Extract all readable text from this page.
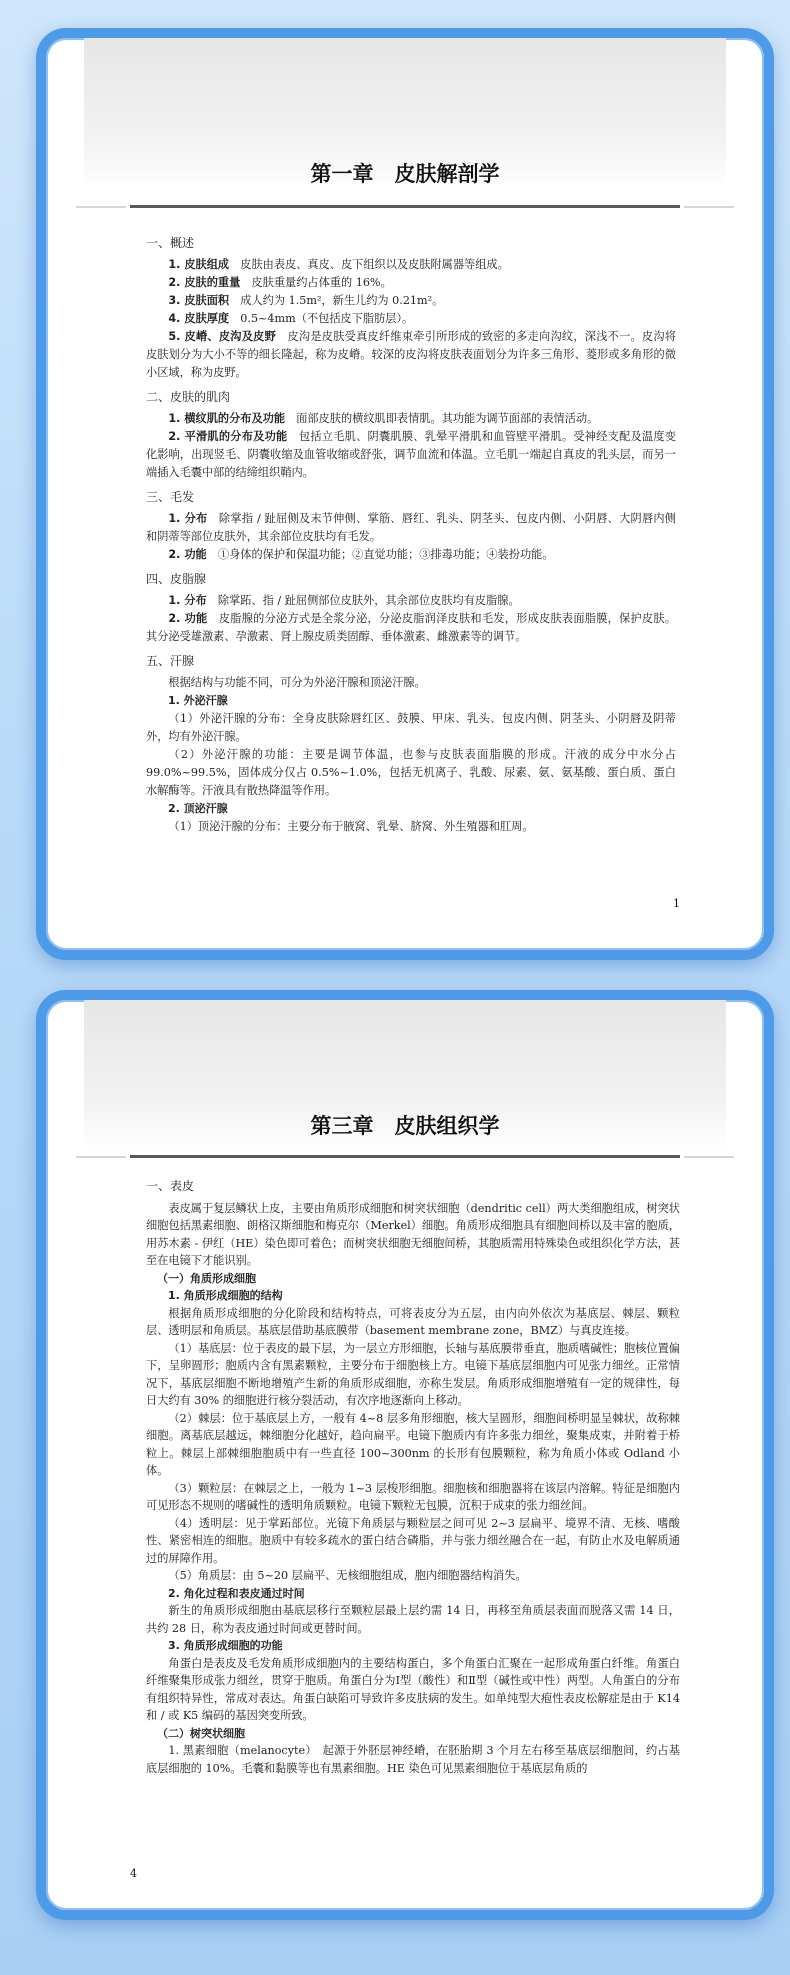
第一章　皮肤解剖学
一、概述

1. 皮肤组成　皮肤由表皮、真皮、皮下组织以及皮肤附属器等组成。

2. 皮肤的重量　皮肤重量约占体重的 16%。

3. 皮肤面积　成人约为 1.5m²，新生儿约为 0.21m²。

4. 皮肤厚度　0.5~4mm（不包括皮下脂肪层）。

5. 皮嵴、皮沟及皮野　皮沟是皮肤受真皮纤维束牵引所形成的致密的多走向沟纹，深浅不一。皮沟将皮肤划分为大小不等的细长隆起，称为皮嵴。较深的皮沟将皮肤表面划分为许多三角形、菱形或多角形的微小区域，称为皮野。

二、皮肤的肌肉

1. 横纹肌的分布及功能　面部皮肤的横纹肌即表情肌。其功能为调节面部的表情活动。

2. 平滑肌的分布及功能　包括立毛肌、阴囊肌膜、乳晕平滑肌和血管壁平滑肌。受神经支配及温度变化影响，出现竖毛、阴囊收缩及血管收缩或舒张，调节血流和体温。立毛肌一端起自真皮的乳头层，而另一端插入毛囊中部的结缔组织鞘内。

三、毛发

1. 分布　除掌指 / 趾屈侧及末节伸侧、掌筋、唇红、乳头、阴茎头、包皮内侧、小阴唇、大阴唇内侧和阴蒂等部位皮肤外，其余部位皮肤均有毛发。

2. 功能　①身体的保护和保温功能；②直觉功能；③排毒功能；④装扮功能。

四、皮脂腺

1. 分布　除掌跖、指 / 趾屈侧部位皮肤外，其余部位皮肤均有皮脂腺。

2. 功能　皮脂腺的分泌方式是全浆分泌，分泌皮脂润泽皮肤和毛发，形成皮肤表面脂膜，保护皮肤。其分泌受雄激素、孕激素、肾上腺皮质类固醇、垂体激素、雌激素等的调节。

五、汗腺

根据结构与功能不同，可分为外泌汗腺和顶泌汗腺。

1. 外泌汗腺

（1）外泌汗腺的分布：全身皮肤除唇红区、鼓膜、甲床、乳头、包皮内侧、阴茎头、小阴唇及阴蒂外，均有外泌汗腺。

（2）外泌汗腺的功能：主要是调节体温，也参与皮肤表面脂膜的形成。汗液的成分中水分占 99.0%~99.5%，固体成分仅占 0.5%~1.0%，包括无机离子、乳酸、尿素、氨、氨基酸、蛋白质、蛋白水解酶等。汗液具有散热降温等作用。

2. 顶泌汗腺

（1）顶泌汗腺的分布：主要分布于腋窝、乳晕、脐窝、外生殖器和肛周。

1
第三章　皮肤组织学
一、表皮

表皮属于复层鳞状上皮，主要由角质形成细胞和树突状细胞（dendritic cell）两大类细胞组成，树突状细胞包括黑素细胞、朗格汉斯细胞和梅克尔（Merkel）细胞。角质形成细胞具有细胞间桥以及丰富的胞质，用苏木素 - 伊红（HE）染色即可着色；而树突状细胞无细胞间桥，其胞质需用特殊染色或组织化学方法，甚至在电镜下才能识别。

（一）角质形成细胞

1. 角质形成细胞的结构

根据角质形成细胞的分化阶段和结构特点，可将表皮分为五层，由内向外依次为基底层、棘层、颗粒层、透明层和角质层。基底层借助基底膜带（basement membrane zone，BMZ）与真皮连接。

（1）基底层：位于表皮的最下层，为一层立方形细胞，长轴与基底膜带垂直，胞质嗜碱性；胞核位置偏下，呈卵圆形；胞质内含有黑素颗粒，主要分布于细胞核上方。电镜下基底层细胞内可见张力细丝。正常情况下，基底层细胞不断地增殖产生新的角质形成细胞，亦称生发层。角质形成细胞增殖有一定的规律性，每日大约有 30% 的细胞进行核分裂活动，有次序地逐渐向上移动。

（2）棘层：位于基底层上方，一般有 4~8 层多角形细胞，核大呈圆形，细胞间桥明显呈棘状，故称棘细胞。离基底层越远，棘细胞分化越好，趋向扁平。电镜下胞质内有许多张力细丝，聚集成束，并附着于桥粒上。棘层上部棘细胞胞质中有一些直径 100~300nm 的长形有包膜颗粒，称为角质小体或 Odland 小体。

（3）颗粒层：在棘层之上，一般为 1~3 层梭形细胞。细胞核和细胞器将在该层内溶解。特征是细胞内可见形态不规则的嗜碱性的透明角质颗粒。电镜下颗粒无包膜，沉积于成束的张力细丝间。

（4）透明层：见于掌跖部位。光镜下角质层与颗粒层之间可见 2~3 层扁平、境界不清、无核、嗜酸性、紧密相连的细胞。胞质中有较多疏水的蛋白结合磷脂，并与张力细丝融合在一起，有防止水及电解质通过的屏障作用。

（5）角质层：由 5~20 层扁平、无核细胞组成，胞内细胞器结构消失。

2. 角化过程和表皮通过时间

新生的角质形成细胞由基底层移行至颗粒层最上层约需 14 日，再移至角质层表面而脱落又需 14 日，共约 28 日，称为表皮通过时间或更替时间。

3. 角质形成细胞的功能

角蛋白是表皮及毛发角质形成细胞内的主要结构蛋白，多个角蛋白汇聚在一起形成角蛋白纤维。角蛋白纤维聚集形成张力细丝，贯穿于胞质。角蛋白分为Ⅰ型（酸性）和Ⅱ型（碱性或中性）两型。人角蛋白的分布有组织特异性，常成对表达。角蛋白缺陷可导致许多皮肤病的发生。如单纯型大疱性表皮松解症是由于 K14 和 / 或 K5 编码的基因突变所致。

（二）树突状细胞

1. 黑素细胞（melanocyte）　起源于外胚层神经嵴，在胚胎期 3 个月左右移至基底层细胞间，约占基底层细胞的 10%。毛囊和黏膜等也有黑素细胞。HE 染色可见黑素细胞位于基底层角质的

4
